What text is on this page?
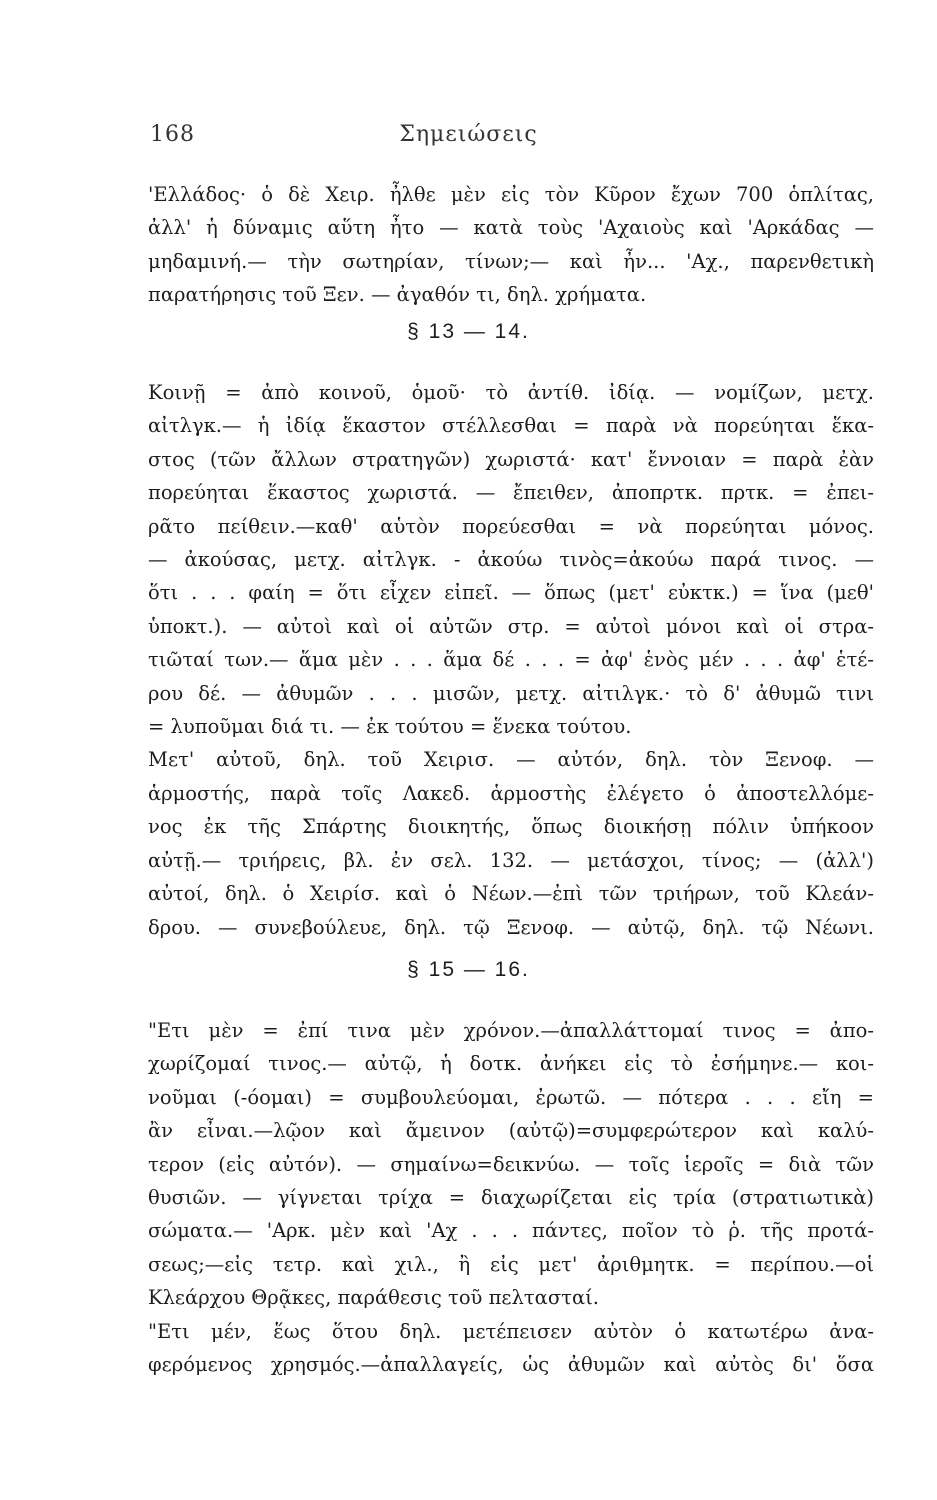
168	Σημειώσεις
'Ελλάδος· ὁ δὲ Χειρ. ἦλθε μὲν εἰς τὸν Κῦρον ἔχων 700 ὁπλίτας,
ἀλλ' ἡ δύναμις αὕτη ἦτο — κατὰ τοὺς 'Αχαιοὺς καὶ 'Αρκάδας —
μηδαμινή.— τὴν σωτηρίαν, τίνων;— καὶ ἦν... 'Αχ., παρενθετικὴ
παρατήρησις τοῦ Ξεν. — ἀγαθόν τι, δηλ. χρήματα.
§ 13 — 14.
Κοινῇ = ἀπὸ κοινοῦ, ὁμοῦ· τὸ ἀντίθ. ἰδίᾳ. — νομίζων, μετχ.
αἰτλγκ.— ἡ ἰδίᾳ ἕκαστον στέλλεσθαι = παρὰ νὰ πορεύηται ἕκα-
στος (τῶν ἄλλων στρατηγῶν) χωριστά· κατ' ἔννοιαν = παρὰ ἐὰν
πορεύηται ἕκαστος χωριστά. — ἔπειθεν, ἀποπρτκ. πρτκ. = ἐπει-
ρᾶτο πείθειν.—καθ' αὑτὸν πορεύεσθαι = νὰ πορεύηται μόνος.
— ἀκούσας, μετχ. αἰτλγκ. - ἀκούω τινὸς=ἀκούω παρά τινος. —
ὅτι . . . φαίη = ὅτι εἶχεν εἰπεῖ. — ὅπως (μετ' εὐκτκ.) = ἵνα (μεθ'
ὑποκτ.). — αὐτοὶ καὶ οἱ αὐτῶν στρ. = αὐτοὶ μόνοι καὶ οἱ στρα-
τιῶταί των.— ἅμα μὲν . . . ἅμα δέ . . . = ἀφ' ἑνὸς μέν . . . ἀφ' ἑτέ-
ρου δέ. — ἀθυμῶν . . . μισῶν, μετχ. αἰτιλγκ.· τὸ δ' ἀθυμῶ τινι
= λυποῦμαι διά τι. — ἐκ τούτου = ἕνεκα τούτου.
Μετ' αὐτοῦ, δηλ. τοῦ Χειρισ. — αὐτόν, δηλ. τὸν Ξενοφ. —
ἁρμοστής, παρὰ τοῖς Λακεδ. ἁρμοστὴς ἐλέγετο ὁ ἀποστελλόμε-
νος ἐκ τῆς Σπάρτης διοικητής, ὅπως διοικήσῃ πόλιν ὑπήκοον
αὐτῇ.— τριήρεις, βλ. ἐν σελ. 132. — μετάσχοι, τίνος; — (ἀλλ')
αὐτοί, δηλ. ὁ Χειρίσ. καὶ ὁ Νέων.—ἐπὶ τῶν τριήρων, τοῦ Κλεάν-
δρου. — συνεβούλευε, δηλ. τῷ Ξενοφ. — αὐτῷ, δηλ. τῷ Νέωνι.
§ 15 — 16.
"Ετι μὲν = ἐπί τινα μὲν χρόνον.—ἀπαλλάττομαί τινος = ἀπο-
χωρίζομαί τινος.— αὐτῷ, ἡ δοτκ. ἀνήκει εἰς τὸ ἐσήμηνε.— κοι-
νοῦμαι (-όομαι) = συμβουλεύομαι, ἐρωτῶ. — πότερα . . . εἴη =
ἂν εἶναι.—λῷον καὶ ἄμεινον (αὐτῷ)=συμφερώτερον καὶ καλύ-
τερον (εἰς αὐτόν). — σημαίνω=δεικνύω. — τοῖς ἱεροῖς = διὰ τῶν
θυσιῶν. — γίγνεται τρίχα = διαχωρίζεται εἰς τρία (στρατιωτικὰ)
σώματα.— 'Αρκ. μὲν καὶ 'Αχ . . . πάντες, ποῖον τὸ ῥ. τῆς προτά-
σεως;—εἰς τετρ. καὶ χιλ., ἢ εἰς μετ' ἀριθμητκ. = περίπου.—οἱ
Κλεάρχου Θρᾷκες, παράθεσις τοῦ πελτασταί.
"Ετι μέν, ἕως ὅτου δηλ. μετέπεισεν αὐτὸν ὁ κατωτέρω ἀνα-
φερόμενος χρησμός.—ἀπαλλαγείς, ὡς ἀθυμῶν καὶ αὐτὸς δι' ὅσα
